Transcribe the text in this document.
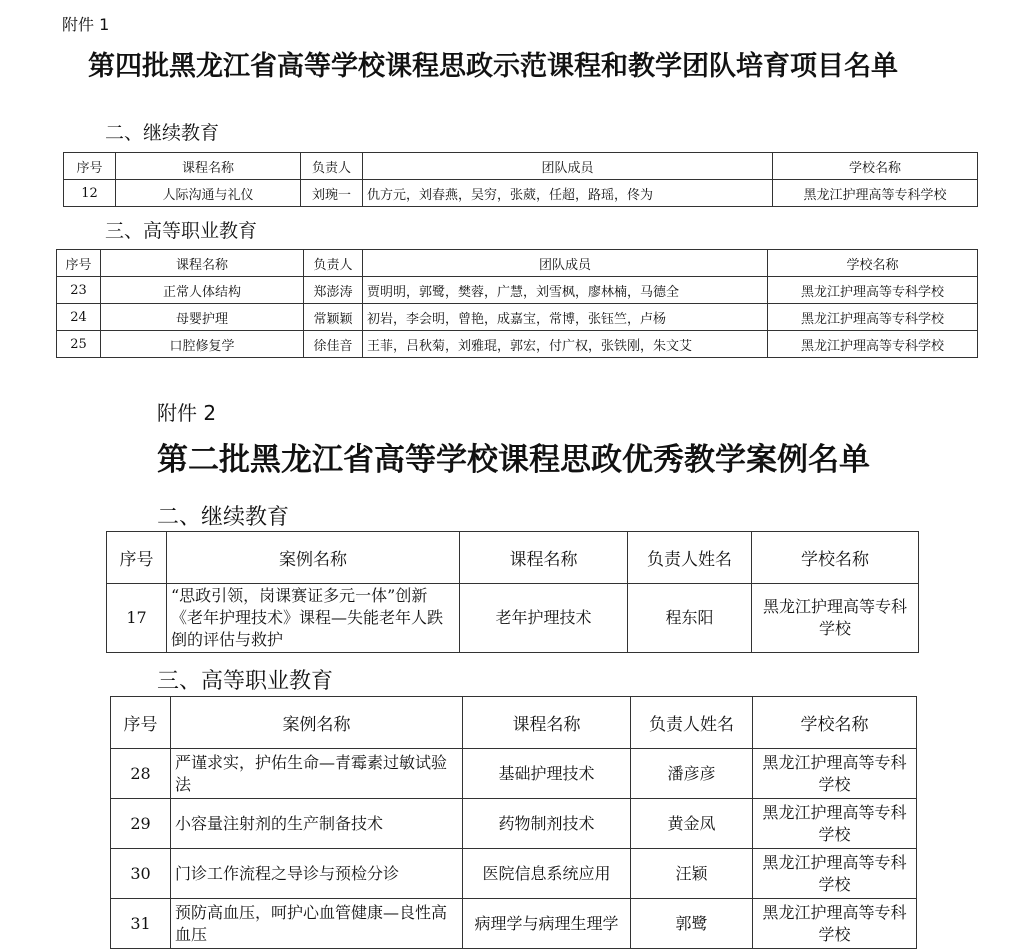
附件 1
第四批黑龙江省高等学校课程思政示范课程和教学团队培育项目名单
二、继续教育
序号	课程名称	负责人	团队成员	学校名称
12	人际沟通与礼仪	刘琬一	仇方元，刘春燕，吴穷，张葳，任超，路瑶，佟为	黑龙江护理高等专科学校
三、高等职业教育
序号	课程名称	负责人	团队成员	学校名称
23	正常人体结构	郑澎涛	贾明明，郭鹭，樊蓉，广慧，刘雪枫，廖林楠，马德全	黑龙江护理高等专科学校
24	母婴护理	常颖颖	初岩，李会明，曾艳，成嘉宝，常博，张钰竺，卢杨	黑龙江护理高等专科学校
25	口腔修复学	徐佳音	王菲，吕秋菊，刘雅琨，郭宏，付广权，张铁刚，朱文艾	黑龙江护理高等专科学校
附件 2
第二批黑龙江省高等学校课程思政优秀教学案例名单
二、继续教育
序号	案例名称	课程名称	负责人姓名	学校名称
17	“思政引领，岗课赛证多元一体”创新《老年护理技术》课程—失能老年人跌倒的评估与救护	老年护理技术	程东阳	黑龙江护理高等专科学校
三、高等职业教育
序号	案例名称	课程名称	负责人姓名	学校名称
28	严谨求实，护佑生命—青霉素过敏试验法	基础护理技术	潘彦彦	黑龙江护理高等专科学校
29	小容量注射剂的生产制备技术	药物制剂技术	黄金凤	黑龙江护理高等专科学校
30	门诊工作流程之导诊与预检分诊	医院信息系统应用	汪颖	黑龙江护理高等专科学校
31	预防高血压，呵护心血管健康—良性高血压	病理学与病理生理学	郭鹭	黑龙江护理高等专科学校
